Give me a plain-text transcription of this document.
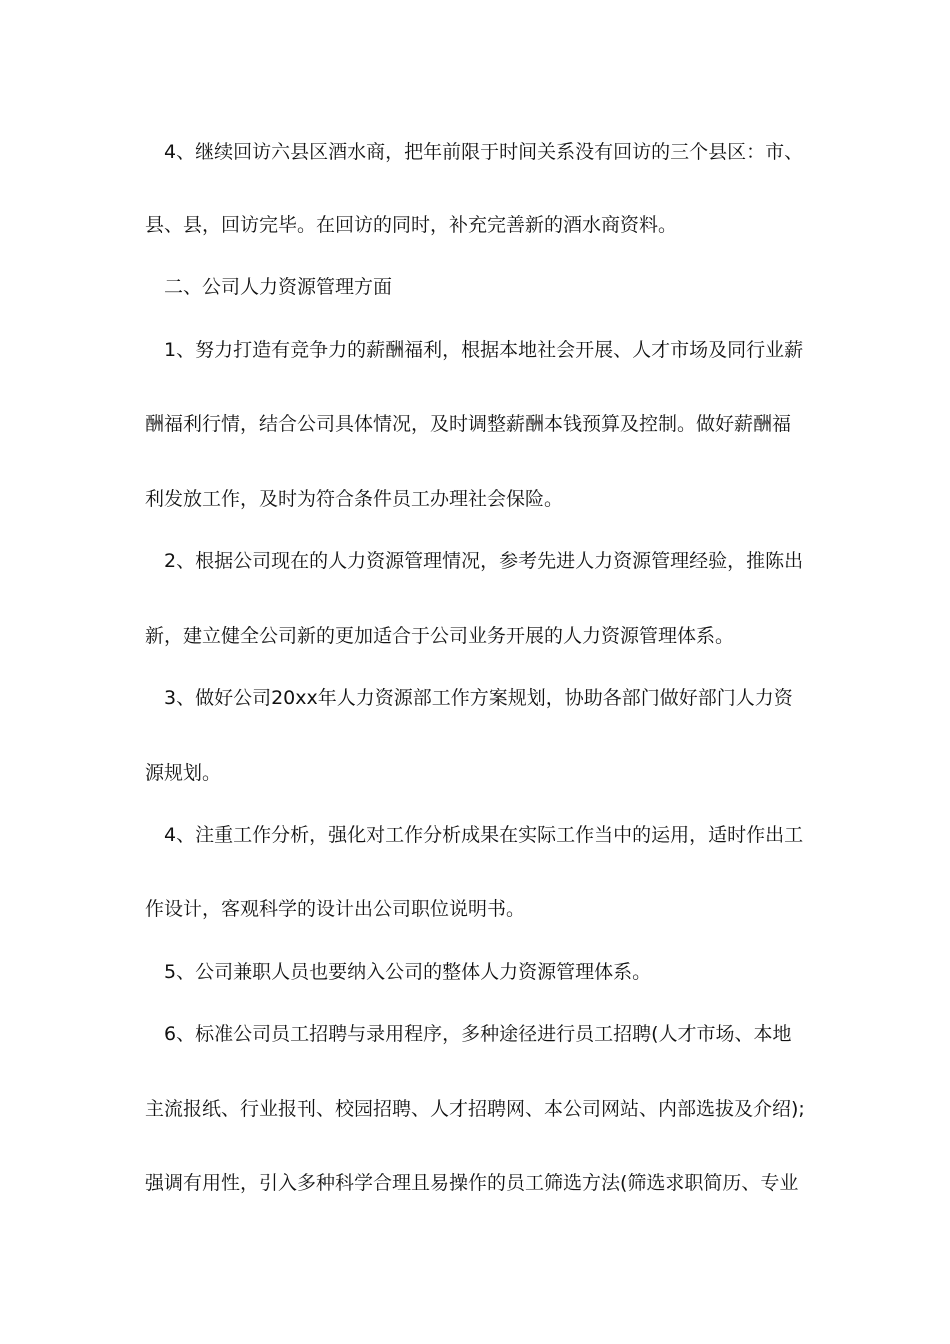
4、继续回访六县区酒水商，把年前限于时间关系没有回访的三个县区：市、
县、县，回访完毕。在回访的同时，补充完善新的酒水商资料。
二、公司人力资源管理方面
1、努力打造有竞争力的薪酬福利，根据本地社会开展、人才市场及同行业薪
酬福利行情，结合公司具体情况，及时调整薪酬本钱预算及控制。做好薪酬福
利发放工作，及时为符合条件员工办理社会保险。
2、根据公司现在的人力资源管理情况，参考先进人力资源管理经验，推陈出
新，建立健全公司新的更加适合于公司业务开展的人力资源管理体系。
3、做好公司20xx年人力资源部工作方案规划，协助各部门做好部门人力资
源规划。
4、注重工作分析，强化对工作分析成果在实际工作当中的运用，适时作出工
作设计，客观科学的设计出公司职位说明书。
5、公司兼职人员也要纳入公司的整体人力资源管理体系。
6、标准公司员工招聘与录用程序，多种途径进行员工招聘(人才市场、本地
主流报纸、行业报刊、校园招聘、人才招聘网、本公司网站、内部选拔及介绍);
强调有用性，引入多种科学合理且易操作的员工筛选方法(筛选求职简历、专业
